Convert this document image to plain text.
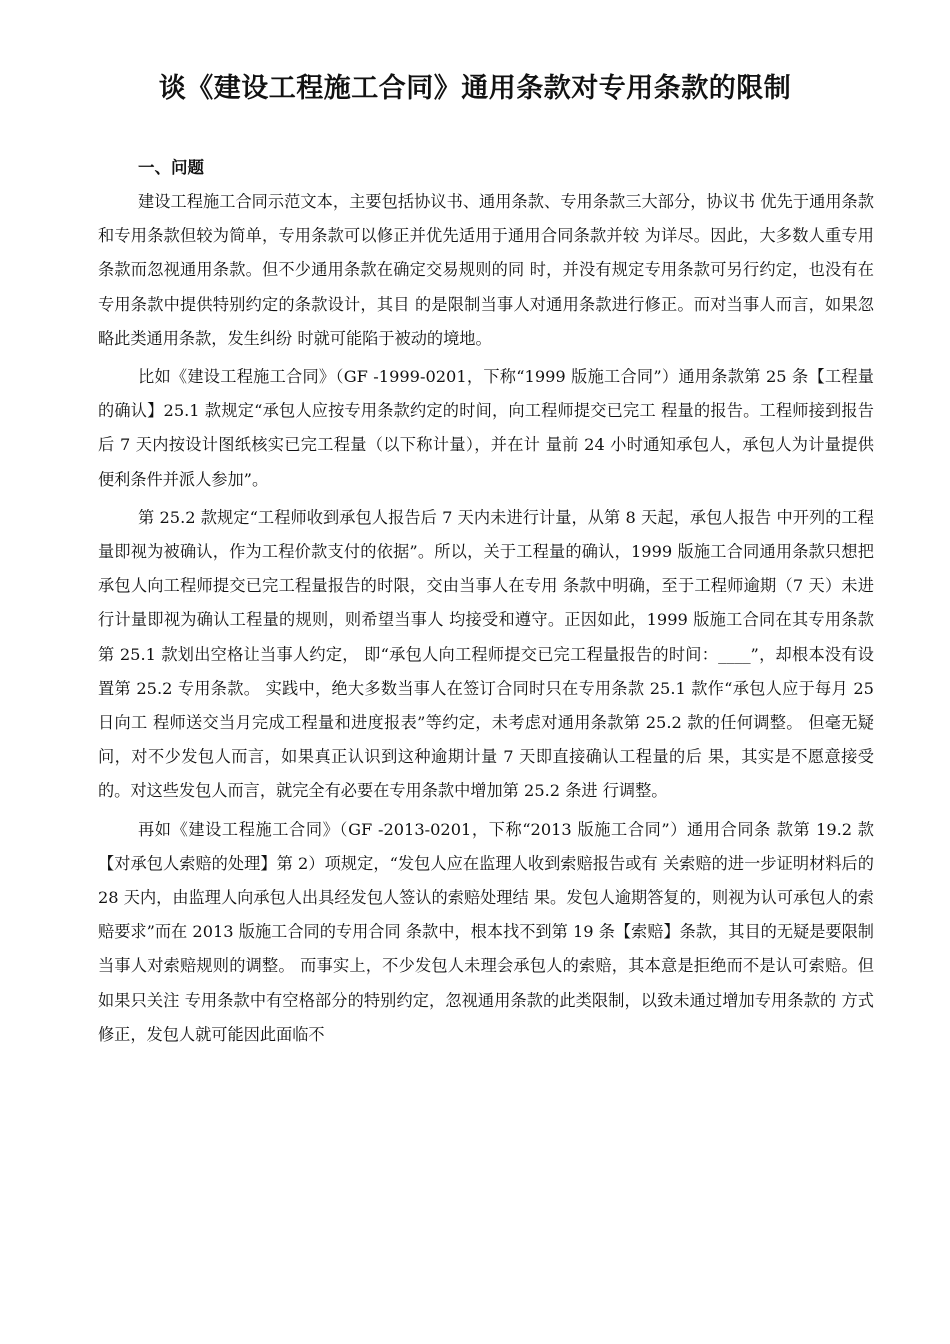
谈《建设工程施工合同》通用条款对专用条款的限制

一、问题

建设工程施工合同示范文本，主要包括协议书、通用条款、专用条款三大部分，协议书 优先于通用条款和专用条款但较为简单，专用条款可以修正并优先适用于通用合同条款并较 为详尽。因此，大多数人重专用条款而忽视通用条款。但不少通用条款在确定交易规则的同 时，并没有规定专用条款可另行约定，也没有在专用条款中提供特别约定的条款设计，其目 的是限制当事人对通用条款进行修正。而对当事人而言，如果忽略此类通用条款，发生纠纷 时就可能陷于被动的境地。

比如《建设工程施工合同》（GF -1999-0201，下称“1999 版施工合同”）通用条款第 25 条【工程量的确认】25.1 款规定“承包人应按专用条款约定的时间，向工程师提交已完工 程量的报告。工程师接到报告后 7 天内按设计图纸核实已完工程量（以下称计量），并在计 量前 24 小时通知承包人，承包人为计量提供便利条件并派人参加”。

第 25.2 款规定“工程师收到承包人报告后 7 天内未进行计量，从第 8 天起，承包人报告 中开列的工程量即视为被确认，作为工程价款支付的依据”。所以，关于工程量的确认，1999 版施工合同通用条款只想把承包人向工程师提交已完工程量报告的时限，交由当事人在专用 条款中明确，至于工程师逾期（7 天）未进行计量即视为确认工程量的规则，则希望当事人 均接受和遵守。正因如此，1999 版施工合同在其专用条款第 25.1 款划出空格让当事人约定， 即“承包人向工程师提交已完工程量报告的时间：____”，却根本没有设置第 25.2 专用条款。 实践中，绝大多数当事人在签订合同时只在专用条款 25.1 款作“承包人应于每月 25 日向工 程师送交当月完成工程量和进度报表”等约定，未考虑对通用条款第 25.2 款的任何调整。 但毫无疑问，对不少发包人而言，如果真正认识到这种逾期计量 7 天即直接确认工程量的后 果，其实是不愿意接受的。对这些发包人而言，就完全有必要在专用条款中增加第 25.2 条进 行调整。

再如《建设工程施工合同》（GF -2013-0201，下称“2013 版施工合同”）通用合同条 款第 19.2 款【对承包人索赔的处理】第 2）项规定，“发包人应在监理人收到索赔报告或有 关索赔的进一步证明材料后的 28 天内，由监理人向承包人出具经发包人签认的索赔处理结 果。发包人逾期答复的，则视为认可承包人的索赔要求”而在 2013 版施工合同的专用合同 条款中，根本找不到第 19 条【索赔】条款，其目的无疑是要限制当事人对索赔规则的调整。 而事实上，不少发包人未理会承包人的索赔，其本意是拒绝而不是认可索赔。但如果只关注 专用条款中有空格部分的特别约定，忽视通用条款的此类限制，以致未通过增加专用条款的 方式修正，发包人就可能因此面临不
